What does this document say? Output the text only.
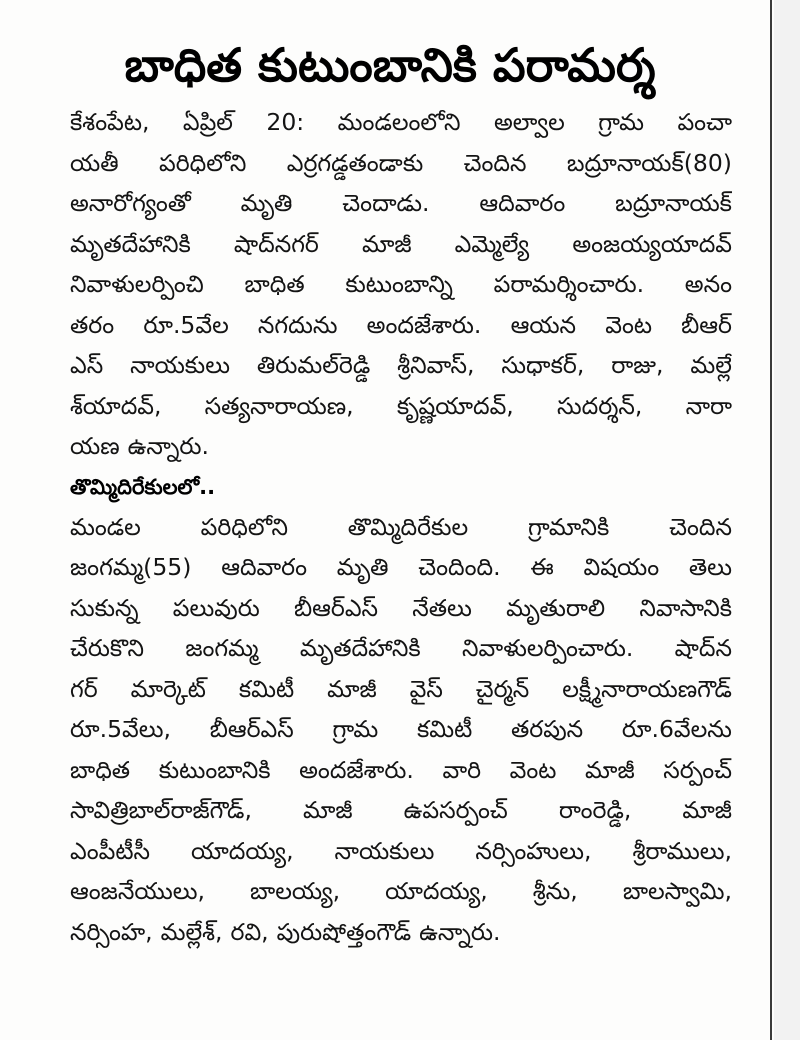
బాధిత కుటుంబానికి పరామర్శ
కేశంపేట, ఏప్రిల్ 20: మండలంలోని అల్వాల గ్రామ పంచా
యతీ పరిధిలోని ఎర్రగడ్డతండాకు చెందిన బద్రూనాయక్(80)
అనారోగ్యంతో మృతి చెందాడు. ఆదివారం బద్రూనాయక్
మృతదేహానికి షాద్‌నగర్ మాజీ ఎమ్మెల్యే అంజయ్యయాదవ్
నివాళులర్పించి బాధిత కుటుంబాన్ని పరామర్శించారు. అనం
తరం రూ.5వేల నగదును అందజేశారు. ఆయన వెంట బీఆర్
ఎస్ నాయకులు తిరుమల్‌రెడ్డి శ్రీనివాస్, సుధాకర్, రాజు, మల్లే
శ్‌యాదవ్, సత్యనారాయణ, కృష్ణయాదవ్, సుదర్శన్, నారా
యణ ఉన్నారు.
తొమ్మిదిరేకులలో..
మండల	పరిధిలోని	తొమ్మిదిరేకుల	గ్రామానికి	చెందిన
జంగమ్మ(55) ఆదివారం మృతి చెందింది. ఈ విషయం తెలు
సుకున్న పలువురు బీఆర్ఎస్ నేతలు మృతురాలి నివాసానికి
చేరుకొని జంగమ్మ మృతదేహానికి నివాళులర్పించారు. షాద్‌న
గర్ మార్కెట్ కమిటీ మాజీ వైస్ చైర్మన్ లక్ష్మీనారాయణగౌడ్
రూ.5వేలు, బీఆర్ఎస్ గ్రామ కమిటీ తరపున రూ.6వేలను
బాధిత కుటుంబానికి అందజేశారు. వారి వెంట మాజీ సర్పంచ్
సావిత్రిబాల్‌రాజ్‌గౌడ్, మాజీ ఉపసర్పంచ్ రాంరెడ్డి, మాజీ
ఎంపీటీసీ యాదయ్య, నాయకులు నర్సింహులు, శ్రీరాములు,
ఆంజనేయులు, బాలయ్య, యాదయ్య, శ్రీను, బాలస్వామి,
నర్సింహ, మల్లేశ్, రవి, పురుషోత్తంగౌడ్ ఉన్నారు.
